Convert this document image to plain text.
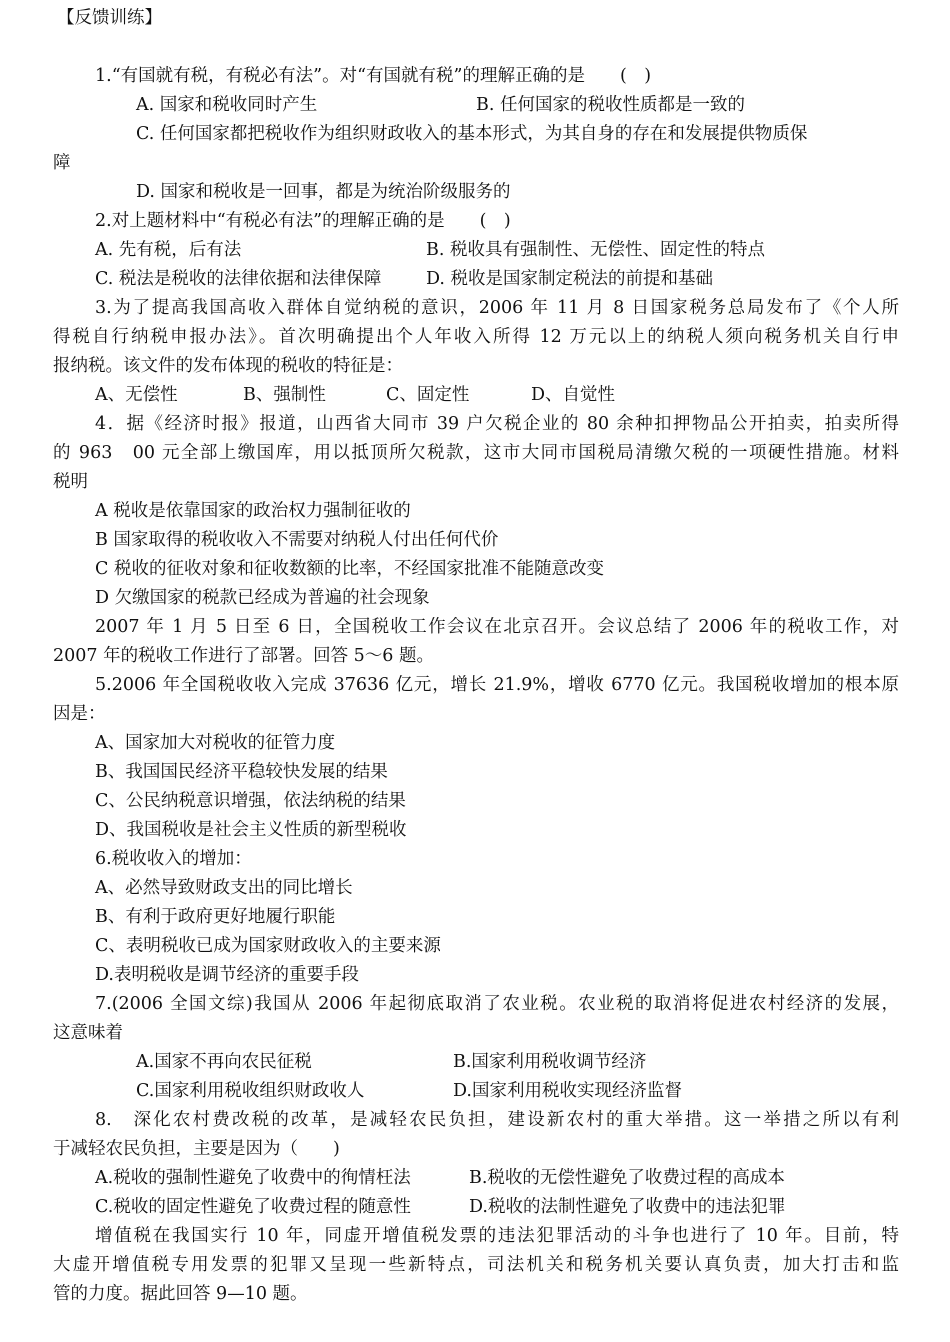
【反馈训练】
1.“有国就有税，有税必有法”。对“有国就有税”的理解正确的是　　(　)
A. 国家和税收同时产生	B. 任何国家的税收性质都是一致的
C. 任何国家都把税收作为组织财政收入的基本形式，为其自身的存在和发展提供物质保
障
D. 国家和税收是一回事，都是为统治阶级服务的
2.对上题材料中“有税必有法”的理解正确的是　　(　)
A. 先有税，后有法	B. 税收具有强制性、无偿性、固定性的特点
C. 税法是税收的法律依据和法律保障	D. 税收是国家制定税法的前提和基础
3.为了提高我国高收入群体自觉纳税的意识，2006 年 11 月 8 日国家税务总局发布了《个人所
得税自行纳税申报办法》。首次明确提出个人年收入所得 12 万元以上的纳税人须向税务机关自行申
报纳税。该文件的发布体现的税收的特征是：
A、无偿性	B、强制性	C、固定性	D、自觉性
4．据《经济时报》报道，山西省大同市 39 户欠税企业的 80 余种扣押物品公开拍卖，拍卖所得
的 963　00 元全部上缴国库，用以抵顶所欠税款，这市大同市国税局清缴欠税的一项硬性措施。材料
税明
A 税收是依靠国家的政治权力强制征收的
B 国家取得的税收收入不需要对纳税人付出任何代价
C 税收的征收对象和征收数额的比率，不经国家批准不能随意改变
D 欠缴国家的税款已经成为普遍的社会现象
2007 年 1 月 5 日至 6 日，全国税收工作会议在北京召开。会议总结了 2006 年的税收工作，对
2007 年的税收工作进行了部署。回答 5～6 题。
5.2006 年全国税收收入完成 37636 亿元，增长 21.9%，增收 6770 亿元。我国税收增加的根本原
因是：
A、国家加大对税收的征管力度
B、我国国民经济平稳较快发展的结果
C、公民纳税意识增强，依法纳税的结果
D、我国税收是社会主义性质的新型税收
6.税收收入的增加：
A、必然导致财政支出的同比增长
B、有利于政府更好地履行职能
C、表明税收已成为国家财政收入的主要来源
D.表明税收是调节经济的重要手段
7.(2006 全国文综)我国从 2006 年起彻底取消了农业税。农业税的取消将促进农村经济的发展，
这意味着
A.国家不再向农民征税	B.国家利用税收调节经济
C.国家利用税收组织财政收人	D.国家利用税收实现经济监督
8.　深化农村费改税的改革，是减轻农民负担，建设新农村的重大举措。这一举措之所以有利
于减轻农民负担，主要是因为（　　)
A.税收的强制性避免了收费中的徇情枉法	B.税收的无偿性避免了收费过程的高成本
C.税收的固定性避免了收费过程的随意性	D.税收的法制性避免了收费中的违法犯罪
增值税在我国实行 10 年，同虚开增值税发票的违法犯罪活动的斗争也进行了 10 年。目前，特
大虚开增值税专用发票的犯罪又呈现一些新特点，司法机关和税务机关要认真负责，加大打击和监
管的力度。据此回答 9—10 题。
